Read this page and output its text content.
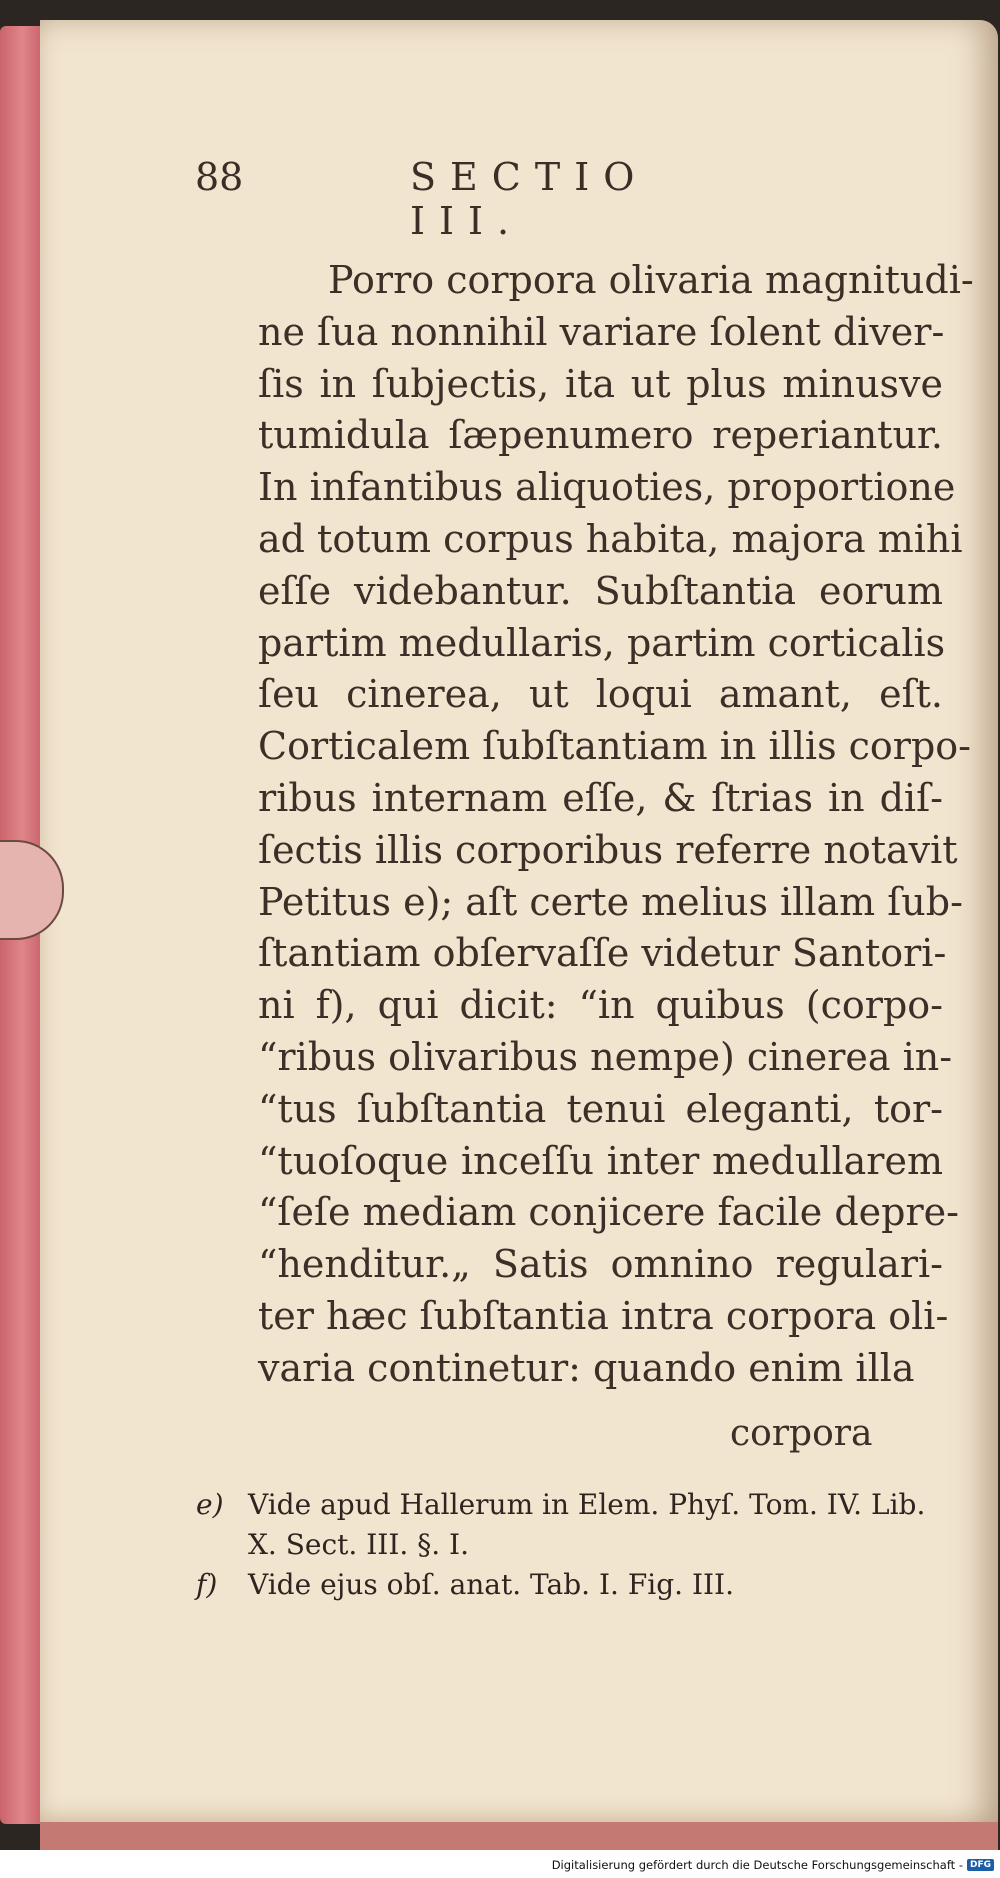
88	SECTIO III.
Porro corpora olivaria magnitudi-
ne ſua nonnihil variare ſolent diver-
ſis in ſubjectis, ita ut plus minusve
tumidula ſæpenumero reperiantur.
In infantibus aliquoties, proportione
ad totum corpus habita, majora mihi
eſſe videbantur. Subſtantia eorum
partim medullaris, partim corticalis
ſeu cinerea, ut loqui amant, eſt.
Corticalem ſubſtantiam in illis corpo-
ribus internam eſſe, & ſtrias in diſ-
ſectis illis corporibus referre notavit
Petitus e); aſt certe melius illam ſub-
ſtantiam obſervaſſe videtur Santori-
ni f), qui dicit: “in quibus (corpo-
“ribus olivaribus nempe) cinerea in-
“tus ſubſtantia tenui eleganti, tor-
“tuoſoque inceſſu inter medullarem
“ſeſe mediam conjicere facile depre-
“henditur.„ Satis omnino regulari-
ter hæc ſubſtantia intra corpora oli-
varia continetur: quando enim illa
corpora
e) Vide apud Hallerum in Elem. Phyſ. Tom. IV. Lib. X. Sect. III. §. I.
f) Vide ejus obſ. anat. Tab. I. Fig. III.
Digitalisierung gefördert durch die Deutsche Forschungsgemeinschaft - DFG
